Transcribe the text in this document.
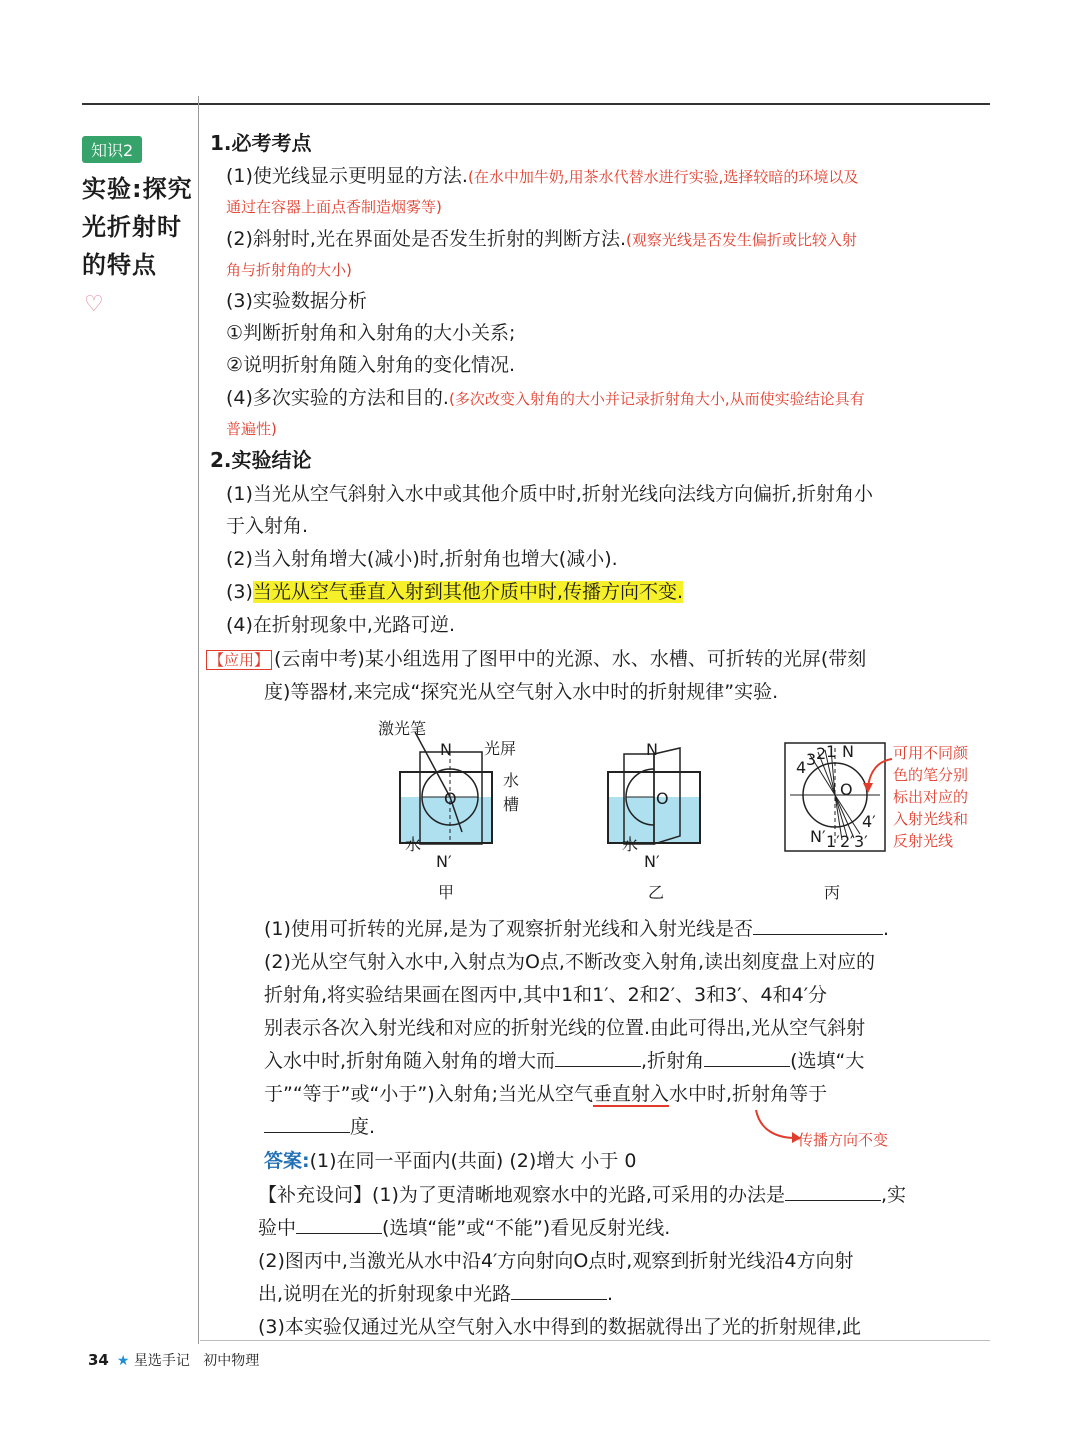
知识2
实验:探究光折射时的特点
♡
1.必考考点
(1)使光线显示更明显的方法.(在水中加牛奶,用茶水代替水进行实验,选择较暗的环境以及
通过在容器上面点香制造烟雾等)
(2)斜射时,光在界面处是否发生折射的判断方法.(观察光线是否发生偏折或比较入射
角与折射角的大小)
(3)实验数据分析
①判断折射角和入射角的大小关系;
②说明折射角随入射角的变化情况.
(4)多次实验的方法和目的.(多次改变入射角的大小并记录折射角大小,从而使实验结论具有
普遍性)
2.实验结论
(1)当光从空气斜射入水中或其他介质中时,折射光线向法线方向偏折,折射角小
于入射角.
(2)当入射角增大(减小)时,折射角也增大(减小).
(3)当光从空气垂直入射到其他介质中时,传播方向不变.
(4)在折射现象中,光路可逆.
【应用】 (云南中考)某小组选用了图甲中的光源、水、水槽、可折转的光屏(带刻
度)等器材,来完成“探究光从空气射入水中时的折射规律”实验.
激光笔
N 光屏
水
槽
O
水
N′
甲
N
O
水
N′
乙
4 3 2 1 N
O
N′ 1′ 2′ 3′
4′
丙
可用不同颜
色的笔分别
标出对应的
入射光线和
反射光线
(1)使用可折转的光屏,是为了观察折射光线和入射光线是否	.
(2)光从空气射入水中,入射点为O点,不断改变入射角,读出刻度盘上对应的
折射角,将实验结果画在图丙中,其中1和1′、2和2′、3和3′、4和4′分
别表示各次入射光线和对应的折射光线的位置.由此可得出,光从空气斜射
入水中时,折射角随入射角的增大而	,折射角	(选填“大
于”“等于”或“小于”)入射角;当光从空气垂直射入水中时,折射角等于
度.
传播方向不变
答案:(1)在同一平面内(共面) (2)增大 小于 0
【补充设问】(1)为了更清晰地观察水中的光路,可采用的办法是	,实
验中	(选填“能”或“不能”)看见反射光线.
(2)图丙中,当激光从水中沿4′方向射向O点时,观察到折射光线沿4方向射
出,说明在光的折射现象中光路	.
(3)本实验仅通过光从空气射入水中得到的数据就得出了光的折射规律,此
34 ★ 星选手记 初中物理
